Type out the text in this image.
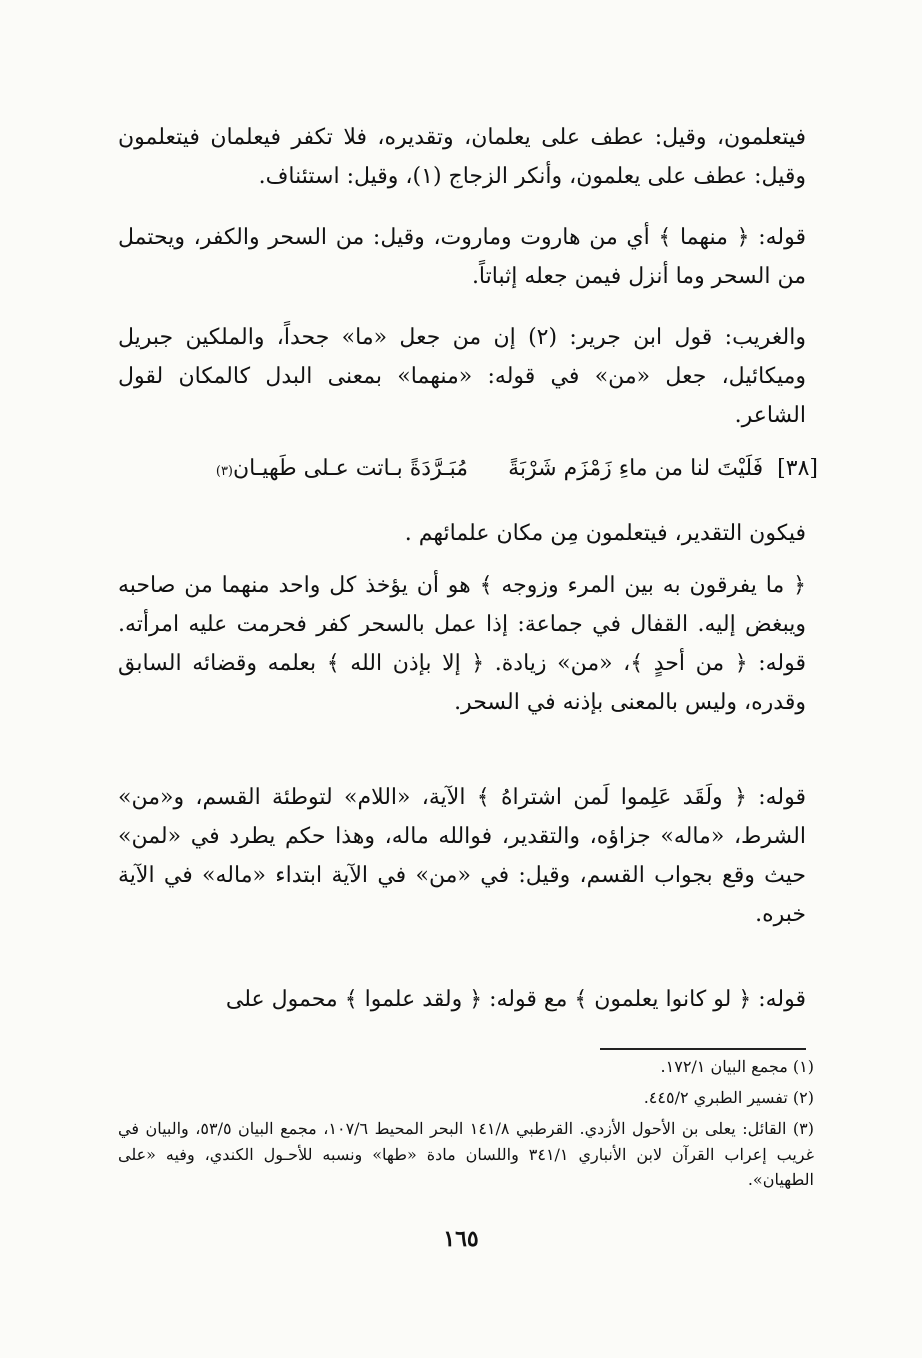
فيتعلمون، وقيل: عطف على يعلمان، وتقديره، فلا تكفر فيعلمان فيتعلمون وقيل: عطف على يعلمون، وأنكر الزجاج (١)، وقيل: استئناف.

قوله: ﴿ منهما ﴾ أي من هاروت وماروت، وقيل: من السحر والكفر، ويحتمل من السحر وما أنزل فيمن جعله إثباتاً.

والغريب: قول ابن جرير: (٢) إن من جعل «ما» جحداً، والملكين جبريل وميكائيل، جعل «من» في قوله: «منهما» بمعنى البدل كالمكان لقول الشاعر.

[٣٨]
فَلَيْتَ لنا من ماءِ زَمْزَم شَرْبَةً
مُبَـرَّدَةً بـاتت عـلى طَهيـان
(٣)

فيكون التقدير، فيتعلمون مِن مكان علمائهم .

﴿ ما يفرقون به بين المرء وزوجه ﴾ هو أن يؤخذ كل واحد منهما من صاحبه ويبغض إليه. القفال في جماعة: إذا عمل بالسحر كفر فحرمت عليه امرأته. قوله: ﴿ من أحدٍ ﴾، «من» زيادة. ﴿ إلا بإذن الله ﴾ بعلمه وقضائه السابق وقدره، وليس بالمعنى بإذنه في السحر.

قوله: ﴿ ولَقَد عَلِموا لَمن اشتراهُ ﴾ الآية، «اللام» لتوطئة القسم، و«من» الشرط، «ماله» جزاؤه، والتقدير، فوالله ماله، وهذا حكم يطرد في «لمن» حيث وقع بجواب القسم، وقيل: في «من» في الآية ابتداء «ماله» في الآية خبره.

قوله: ﴿ لو كانوا يعلمون ﴾ مع قوله: ﴿ ولقد علموا ﴾ محمول على

(١) مجمع البيان ١٧٢/١.
(٢) تفسير الطبري ٤٤٥/٢.
(٣) القائل: يعلى بن الأحول الأزدي. القرطبي ١٤١/٨ البحر المحيط ١٠٧/٦، مجمع البيان ٥٣/٥، والبيان في غريب إعراب القرآن لابن الأنباري ٣٤١/١ واللسان مادة «طها» ونسبه للأحـول الكندي، وفيه «على الطهيان».
١٦٥
